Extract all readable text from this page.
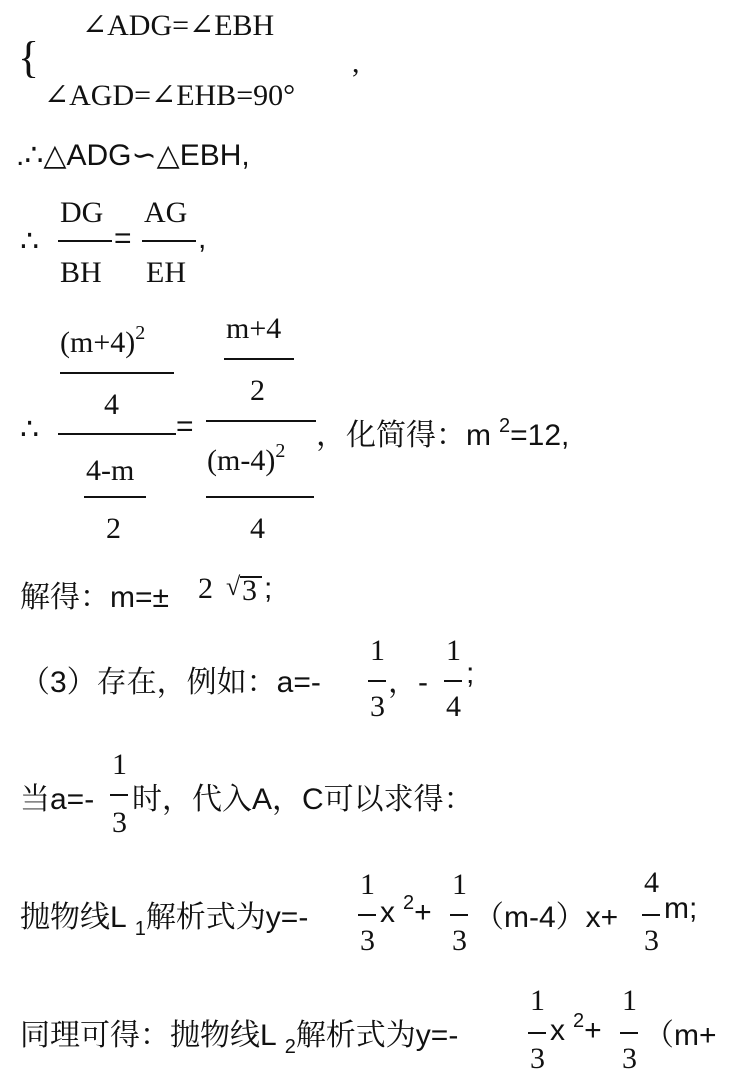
{
∠ADG=∠EBH
∠AGD=∠EHB=90°
,
.∴△ADG∽△EBH,
∴
DG
BH
=
AG
EH
,
∴
$(m+4)^2$
4
4-m
2
=
m+4
2
$(m-4)^2$
4
，化简得：m $^2$=12,
解得：m=± 2 √ 3 ;
（3）存在，例如：a=-
1
3
，-
1
4
;
当a=-
1
3
时，代入A，C可以求得：
抛物线L $_1$解析式为y=-
1
3
x $^2$+
1
3
（m-4）x+
4
3
m;
同理可得：抛物线L $_2$解析式为y=-
1
3
x $^2$+
1
3
（m+
